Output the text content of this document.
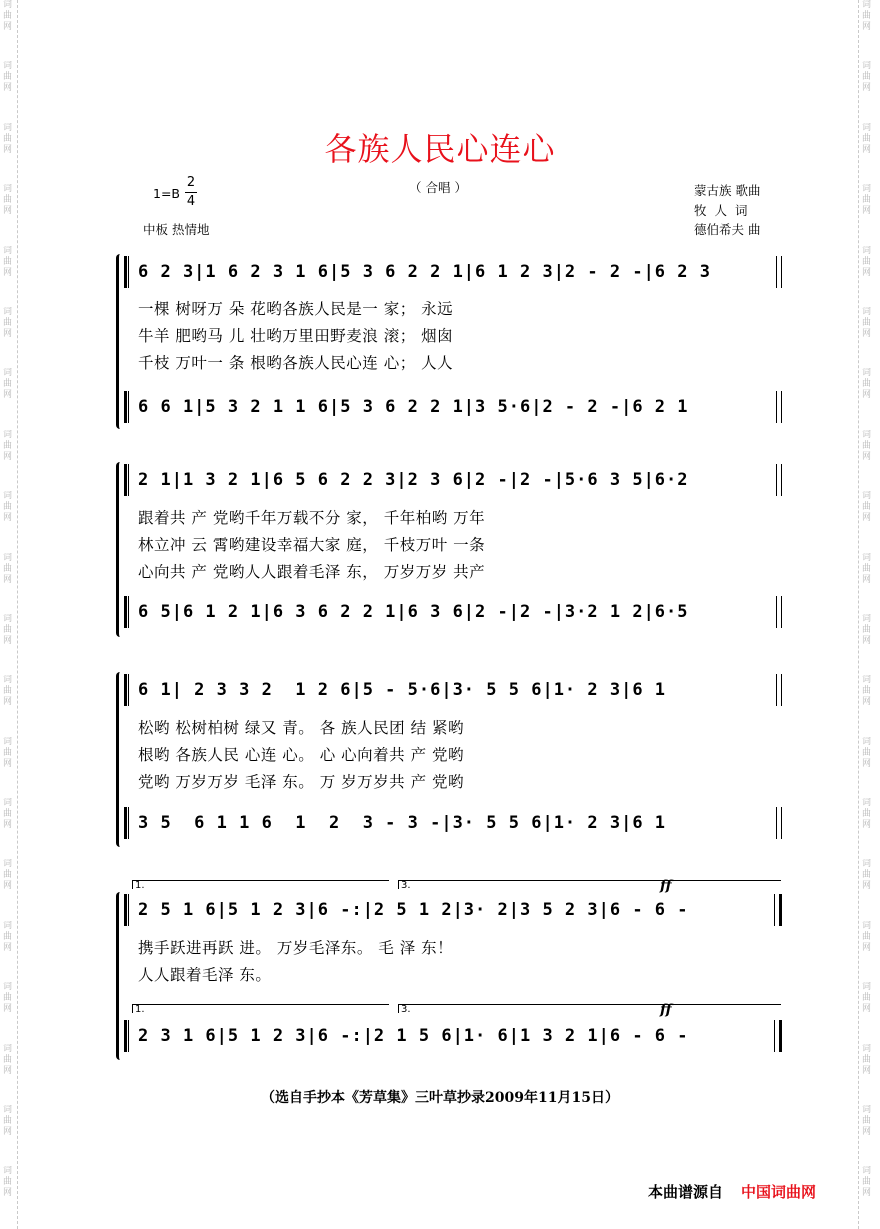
词曲网
词曲网
词曲网
词曲网
词曲网
词曲网
词曲网
词曲网
词曲网
词曲网
词曲网
词曲网
词曲网
词曲网
词曲网
词曲网
词曲网
词曲网
词曲网
词曲网
词曲网
词曲网
词曲网
词曲网
词曲网
词曲网
词曲网
词曲网
词曲网
词曲网
词曲网
词曲网
词曲网
词曲网
词曲网
词曲网
词曲网
词曲网
词曲网
词曲网
各族人民心连心
1=B
2
4
（ 合唱 ）
中板 热情地
蒙古族 歌曲
牧 人 词
德伯希夫 曲
6 2 3|1 6 2 3 1 6|5 3 6 2 2 1|6 1 2 3|2 - 2 -|6 2 3
一棵 树呀万 朵 花哟各族人民是一 家； 永远
牛羊 肥哟马 儿 壮哟万里田野麦浪 滚； 烟囱
千枝 万叶一 条 根哟各族人民心连 心； 人人
6 6 1|5 3 2 1 1 6|5 3 6 2 2 1|3 5·6|2 - 2 -|6 2 1
2 1|1 3 2 1|6 5 6 2 2 3|2 3 6|2 -|2 -|5·6 3 5|6·2
跟着共 产 党哟千年万载不分 家， 千年柏哟 万年
林立冲 云 霄哟建设幸福大家 庭， 千枝万叶 一条
心向共 产 党哟人人跟着毛泽 东， 万岁万岁 共产
6 5|6 1 2 1|6 3 6 2 2 1|6 3 6|2 -|2 -|3·2 1 2|6·5
6 1| 2 3 3 2  1 2 6|5 - 5·6|3· 5 5 6|1· 2 3|6 1
松哟 松树柏树 绿又 青。 各 族人民团 结 紧哟
根哟 各族人民 心连 心。 心 心向着共 产 党哟
党哟 万岁万岁 毛泽 东。 万 岁万岁共 产 党哟
3 5  6 1 1 6  1  2  3 - 3 -|3· 5 5 6|1· 2 3|6 1
1.	3.	ff
2 5 1 6|5 1 2 3|6 -:|2 5 1 2|3· 2|3 5 2 3|6 - 6 -
携手跃进再跃 进。 万岁毛泽东。 毛 泽 东！
人人跟着毛泽 东。
1.	3.	ff
2 3 1 6|5 1 2 3|6 -:|2 1 5 6|1· 6|1 3 2 1|6 - 6 -
（选自手抄本《芳草集》三叶草抄录2009年11月15日）
本曲谱源自 中国词曲网
